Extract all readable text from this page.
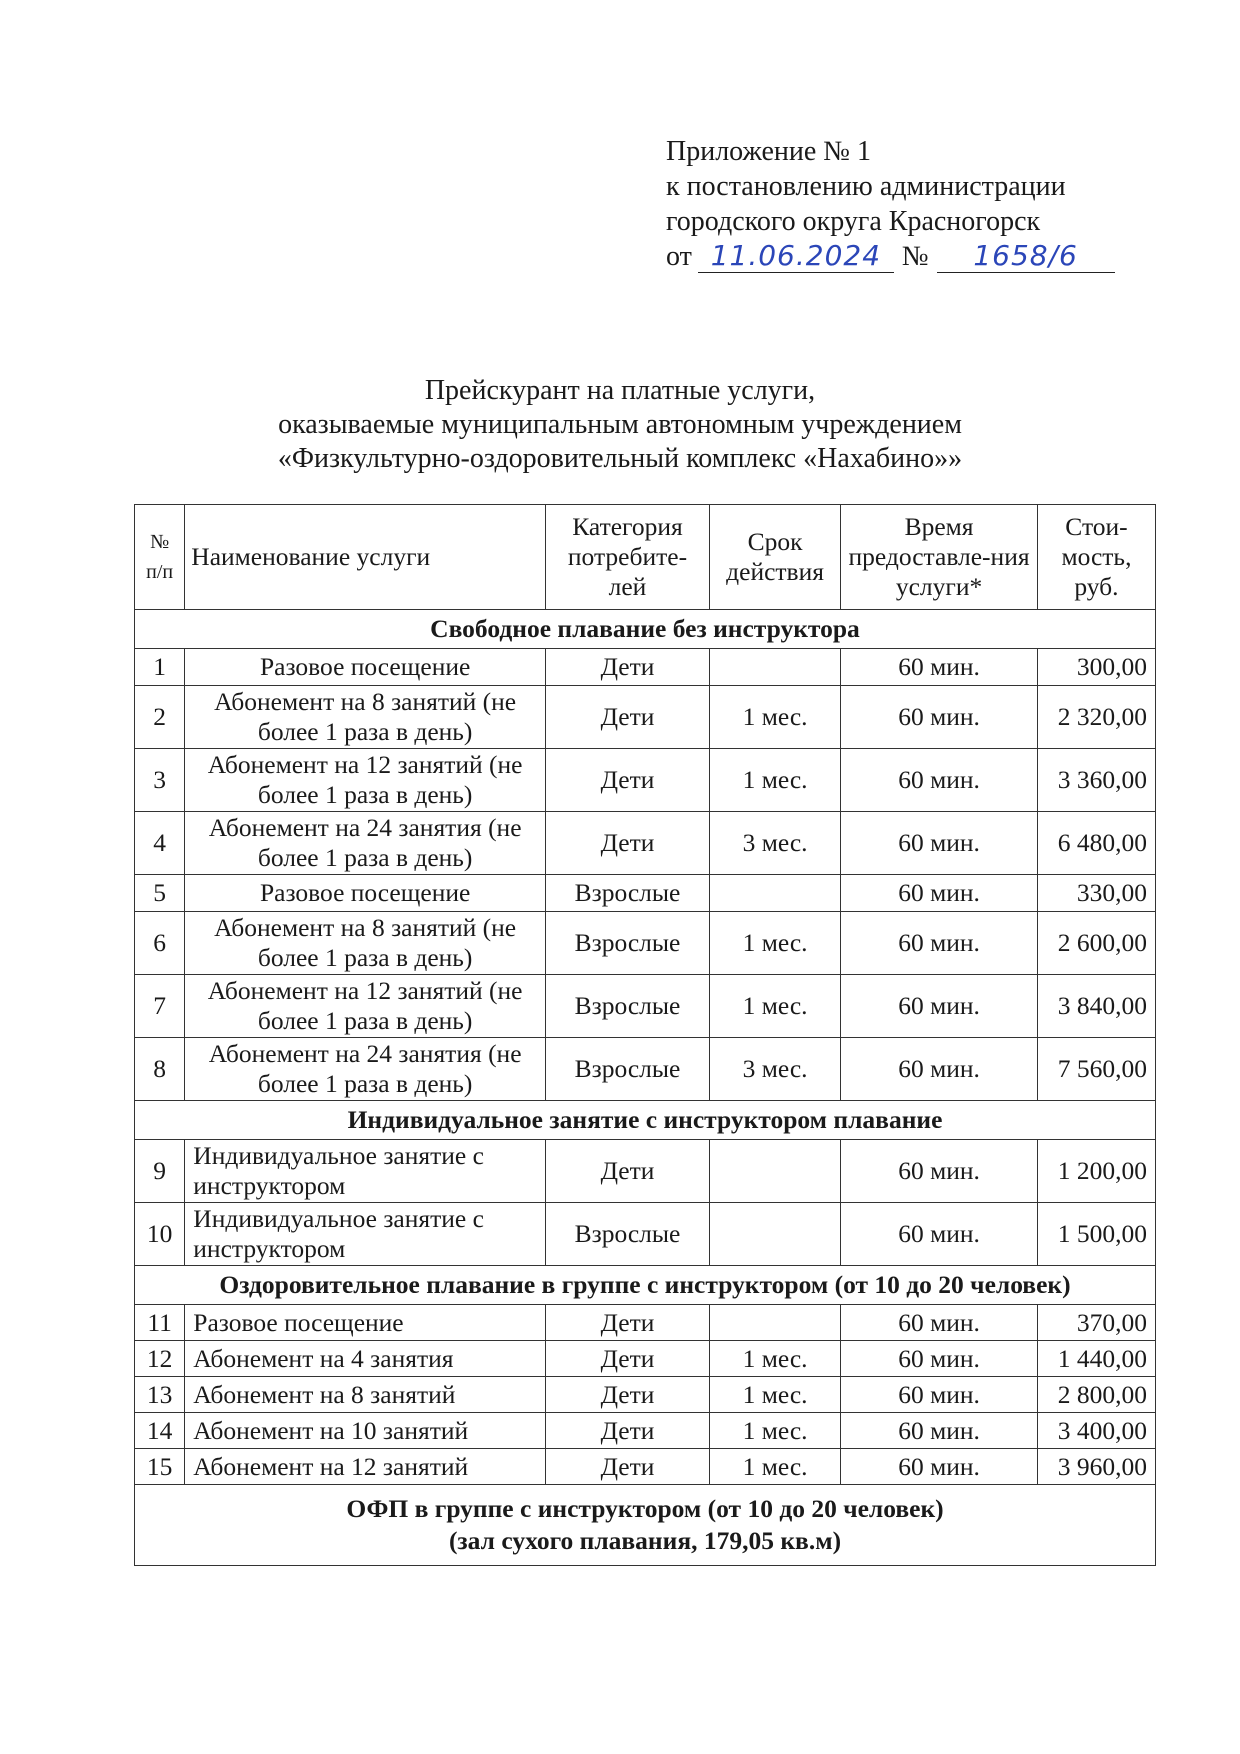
Приложение № 1
к постановлению администрации
городского округа Красногорск
от 11.06.2024 № 1658/6
Прейскурант на платные услуги,
оказываемые муниципальным автономным учреждением
«Физкультурно-оздоровительный комплекс «Нахабино»»
№ п/п	Наименование услуги	Категория потребите-лей	Срок действия	Время предоставле-ния услуги*	Стои-мость, руб.
Свободное плавание без инструктора					
1	Разовое посещение	Дети		60 мин.	300,00
2	Абонемент на 8 занятий (не более 1 раза в день)	Дети	1 мес.	60 мин.	2 320,00
3	Абонемент на 12 занятий (не более 1 раза в день)	Дети	1 мес.	60 мин.	3 360,00
4	Абонемент на 24 занятия (не более 1 раза в день)	Дети	3 мес.	60 мин.	6 480,00
5	Разовое посещение	Взрослые		60 мин.	330,00
6	Абонемент на 8 занятий (не более 1 раза в день)	Взрослые	1 мес.	60 мин.	2 600,00
7	Абонемент на 12 занятий (не более 1 раза в день)	Взрослые	1 мес.	60 мин.	3 840,00
8	Абонемент на 24 занятия (не более 1 раза в день)	Взрослые	3 мес.	60 мин.	7 560,00
Индивидуальное занятие с инструктором плавание					
9	Индивидуальное занятие с инструктором	Дети		60 мин.	1 200,00
10	Индивидуальное занятие с инструктором	Взрослые		60 мин.	1 500,00
Оздоровительное плавание в группе с инструктором (от 10 до 20 человек)					
11	Разовое посещение	Дети		60 мин.	370,00
12	Абонемент на 4 занятия	Дети	1 мес.	60 мин.	1 440,00
13	Абонемент на 8 занятий	Дети	1 мес.	60 мин.	2 800,00
14	Абонемент на 10 занятий	Дети	1 мес.	60 мин.	3 400,00
15	Абонемент на 12 занятий	Дети	1 мес.	60 мин.	3 960,00

ОФП в группе с инструктором (от 10 до 20 человек)
(зал сухого плавания, 179,05 кв.м)					
